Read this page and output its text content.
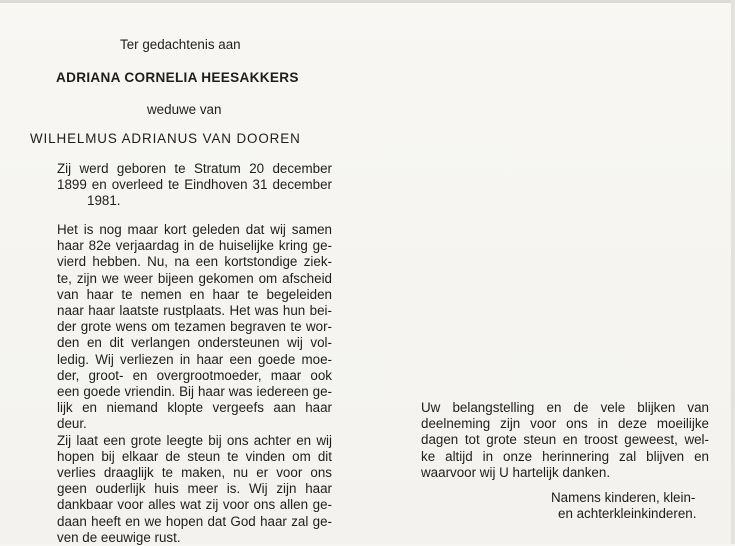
Ter gedachtenis aan
ADRIANA CORNELIA HEESAKKERS
weduwe van
WILHELMUS ADRIANUS VAN DOOREN
Zij werd geboren te Stratum 20 december
1899 en overleed te Eindhoven 31 december
1981.
Het is nog maar kort geleden dat wij samen
haar 82e verjaardag in de huiselijke kring ge-
vierd hebben. Nu, na een kortstondige ziek-
te, zijn we weer bijeen gekomen om afscheid
van haar te nemen en haar te begeleiden
naar haar laatste rustplaats. Het was hun bei-
der grote wens om tezamen begraven te wor-
den en dit verlangen ondersteunen wij vol-
ledig. Wij verliezen in haar een goede moe-
der, groot- en overgrootmoeder, maar ook
een goede vriendin. Bij haar was iedereen ge-
lijk en niemand klopte vergeefs aan haar
deur.
Zij laat een grote leegte bij ons achter en wij
hopen bij elkaar de steun te vinden om dit
verlies draaglijk te maken, nu er voor ons
geen ouderlijk huis meer is. Wij zijn haar
dankbaar voor alles wat zij voor ons allen ge-
daan heeft en we hopen dat God haar zal ge-
ven de eeuwige rust.
Uw belangstelling en de vele blijken van
deelneming zijn voor ons in deze moeilijke
dagen tot grote steun en troost geweest, wel-
ke altijd in onze herinnering zal blijven en
waarvoor wij U hartelijk danken.
Namens kinderen, klein-
en achterkleinkinderen.
